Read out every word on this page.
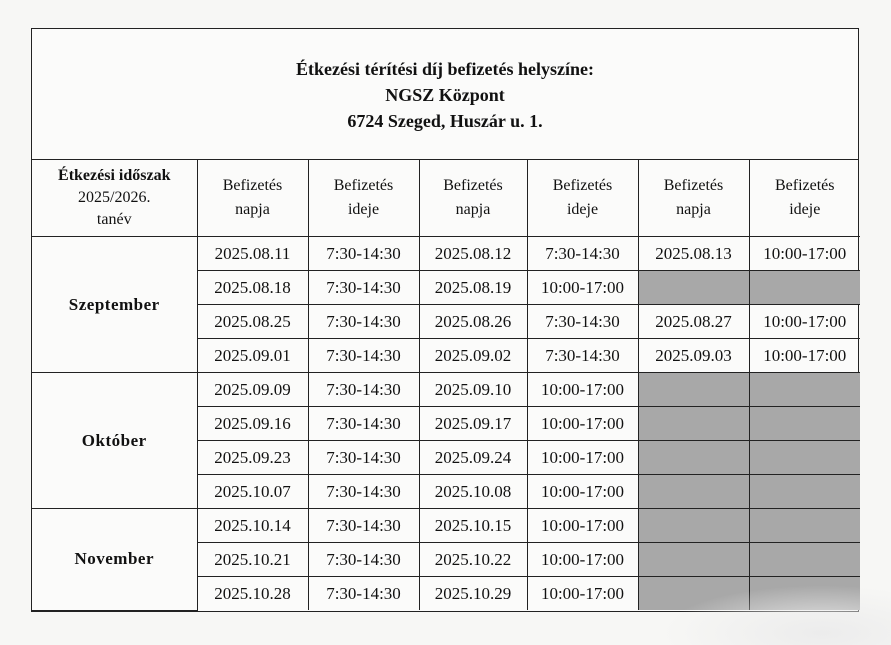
Étkezési térítési díj befizetés helyszíne:
NGSZ Központ
6724 Szeged, Huszár u. 1.
Étkezési időszak
2025/2026.
tanév	Befizetés napja	Befizetés ideje	Befizetés napja	Befizetés ideje	Befizetés napja	Befizetés ideje
Szeptember	2025.08.11	7:30-14:30	2025.08.12	7:30-14:30	2025.08.13	10:00-17:00
	2025.08.18	7:30-14:30	2025.08.19	10:00-17:00		
	2025.08.25	7:30-14:30	2025.08.26	7:30-14:30	2025.08.27	10:00-17:00
	2025.09.01	7:30-14:30	2025.09.02	7:30-14:30	2025.09.03	10:00-17:00
Október	2025.09.09	7:30-14:30	2025.09.10	10:00-17:00		
	2025.09.16	7:30-14:30	2025.09.17	10:00-17:00		
	2025.09.23	7:30-14:30	2025.09.24	10:00-17:00		
	2025.10.07	7:30-14:30	2025.10.08	10:00-17:00		
November	2025.10.14	7:30-14:30	2025.10.15	10:00-17:00		
	2025.10.21	7:30-14:30	2025.10.22	10:00-17:00		
	2025.10.28	7:30-14:30	2025.10.29	10:00-17:00		
